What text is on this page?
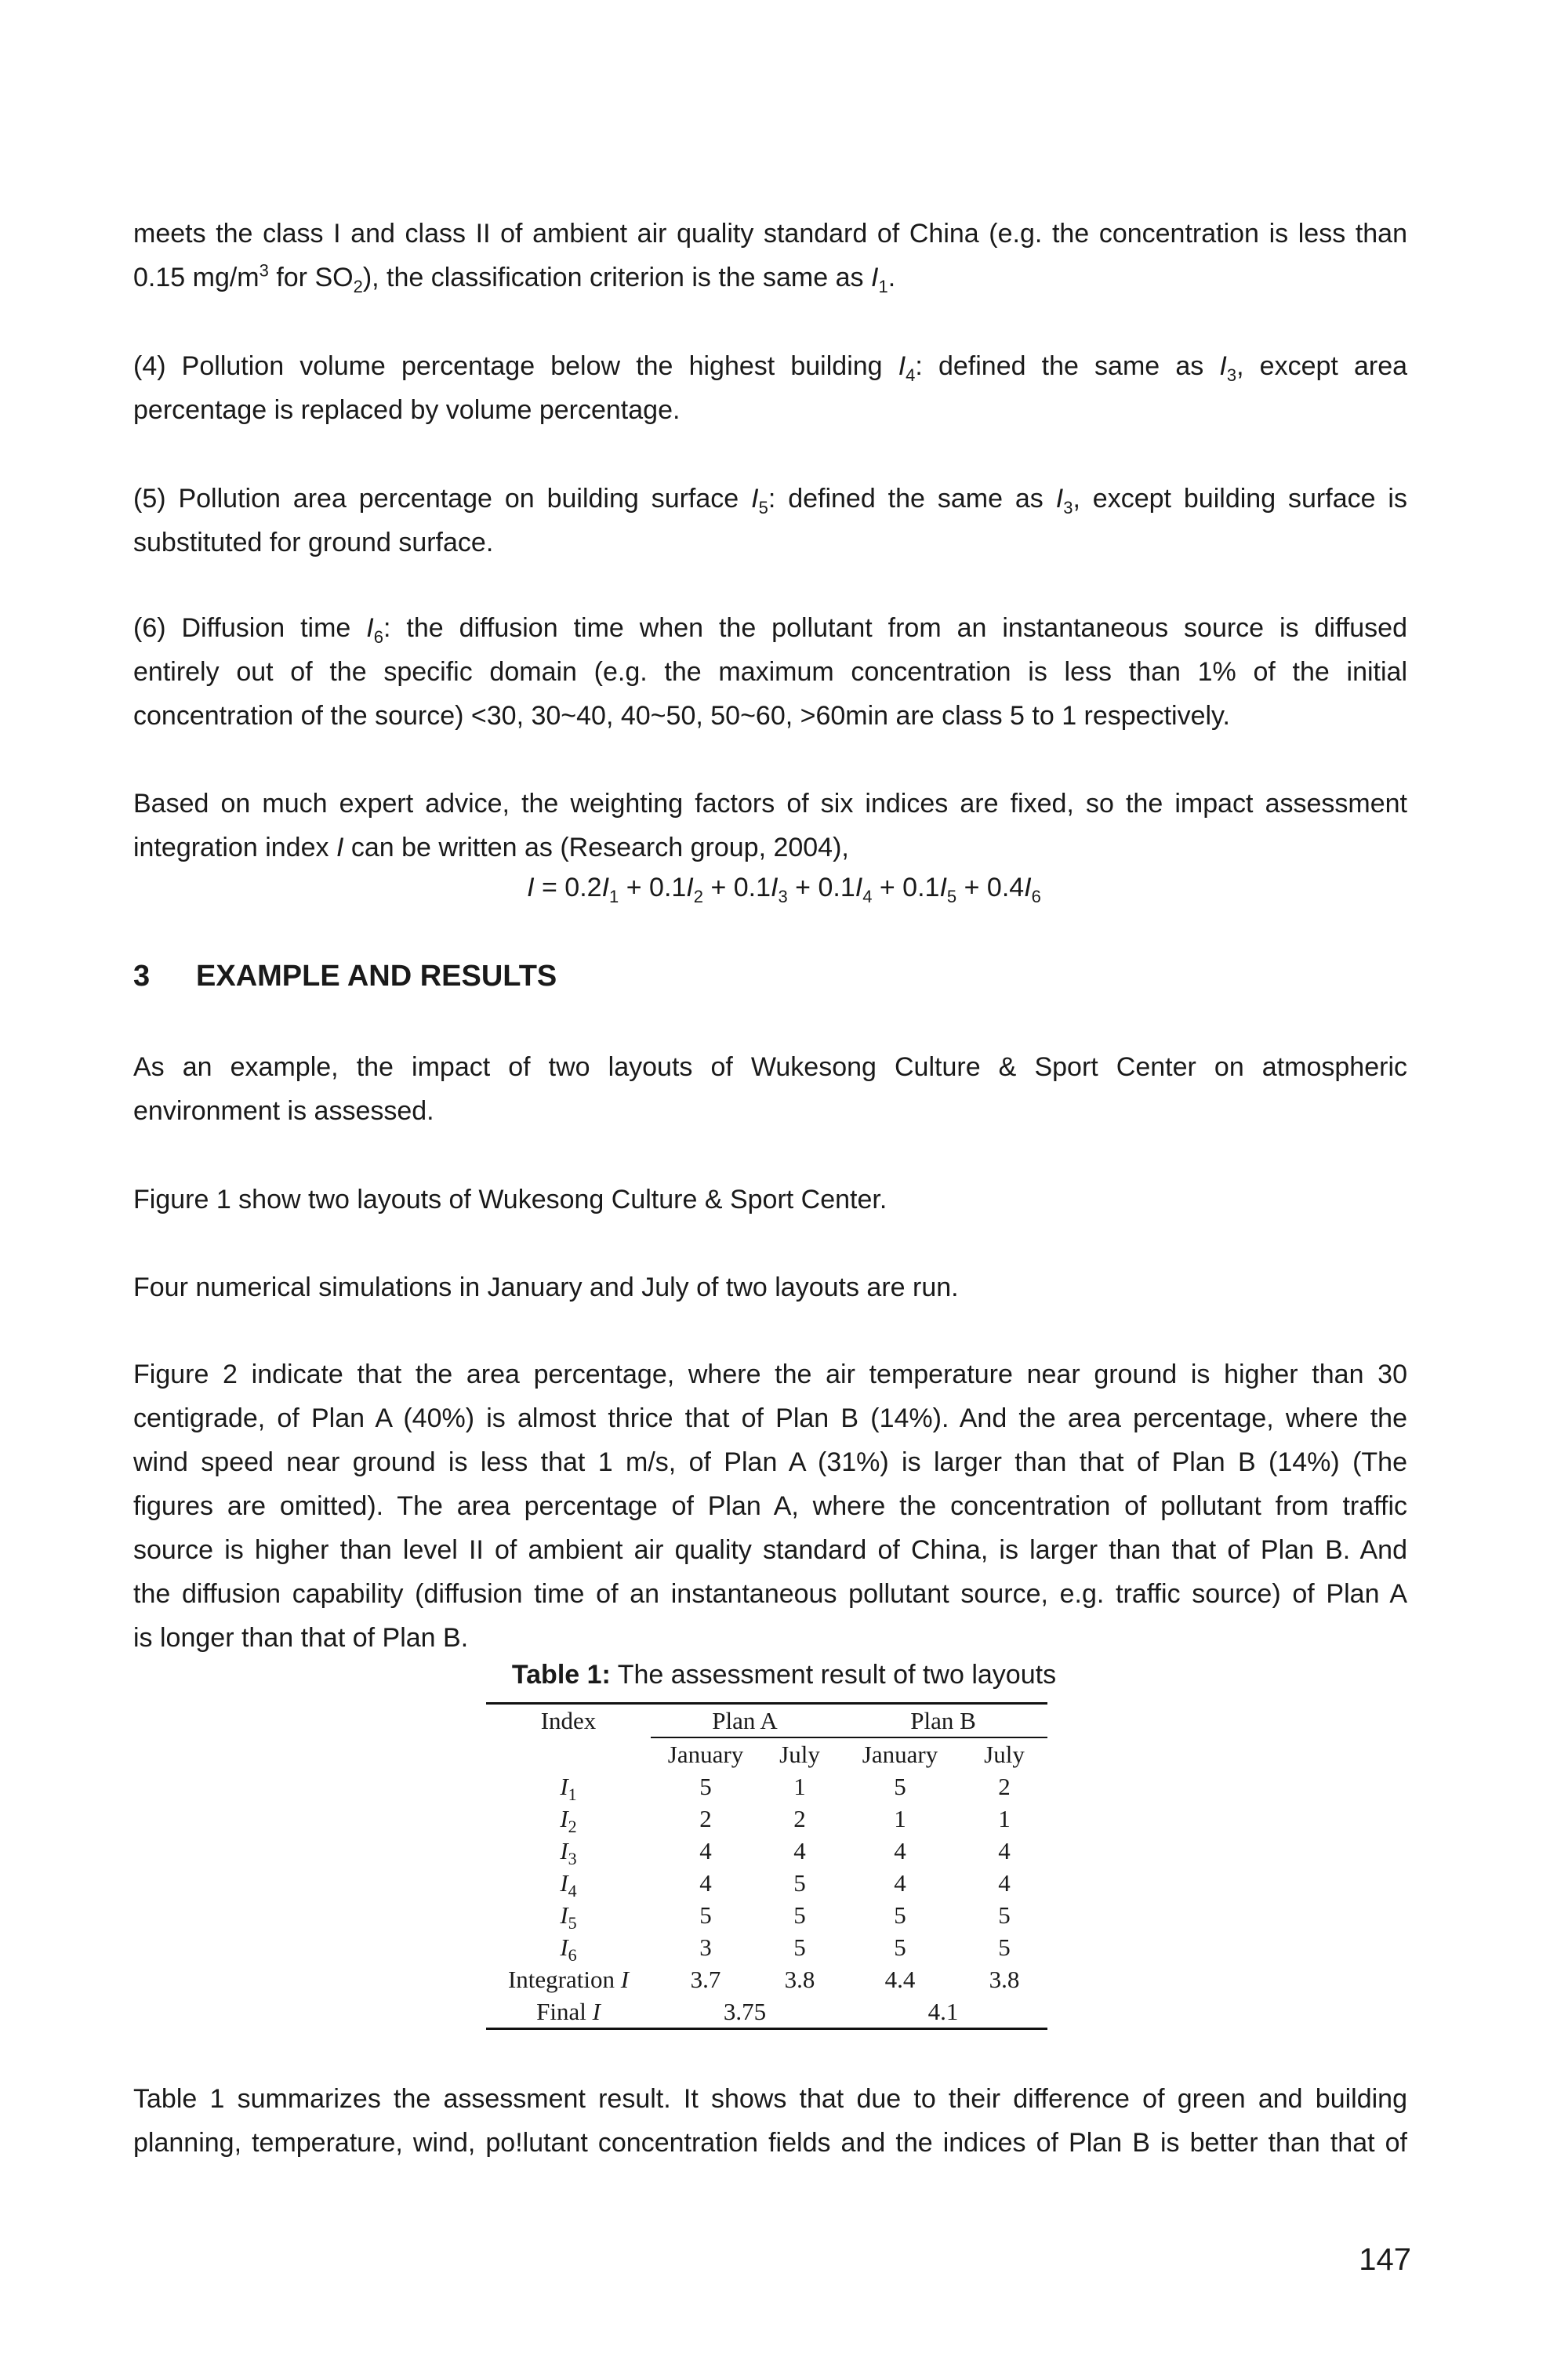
meets the class I and class II of ambient air quality standard of China (e.g. the concentration is less than
0.15 $mg/m^3$ for $SO_2$), the classification criterion is the same as $I_1$.
(4) Pollution volume percentage below the highest building $I_4$: defined the same as $I_3$, except area
percentage is replaced by volume percentage.
(5) Pollution area percentage on building surface $I_5$: defined the same as $I_3$, except building surface is
substituted for ground surface.
(6) Diffusion time $I_6$: the diffusion time when the pollutant from an instantaneous source is diffused
entirely out of the specific domain (e.g. the maximum concentration is less than 1% of the initial
concentration of the source) <30, 30~40, 40~50, 50~60, >60min are class 5 to 1 respectively.
Based on much expert advice, the weighting factors of six indices are fixed, so the impact assessment
integration index I can be written as (Research group, 2004),
$I = 0.2I_1 + 0.1I_2 + 0.1I_3 + 0.1I_4 + 0.1I_5 + 0.4I_6$
3 EXAMPLE AND RESULTS
As an example, the impact of two layouts of Wukesong Culture & Sport Center on atmospheric
environment is assessed.
Figure 1 show two layouts of Wukesong Culture & Sport Center.
Four numerical simulations in January and July of two layouts are run.
Figure 2 indicate that the area percentage, where the air temperature near ground is higher than 30
centigrade, of Plan A (40%) is almost thrice that of Plan B (14%). And the area percentage, where the
wind speed near ground is less that 1 m/s, of Plan A (31%) is larger than that of Plan B (14%) (The
figures are omitted). The area percentage of Plan A, where the concentration of pollutant from traffic
source is higher than level II of ambient air quality standard of China, is larger than that of Plan B. And
the diffusion capability (diffusion time of an instantaneous pollutant source, e.g. traffic source) of Plan A
is longer than that of Plan B.
Table 1: The assessment result of two layouts
Index	Plan A		Plan B	
	January	July	January	July
$I_1$	5	1	5	2
$I_2$	2	2	1	1
$I_3$	4	4	4	4
$I_4$	4	5	4	4
$I_5$	5	5	5	5
$I_6$	3	5	5	5
Integration I	3.7	3.8	4.4	3.8
Final I	3.75		4.1	
Table 1 summarizes the assessment result. It shows that due to their difference of green and building
planning, temperature, wind, po!lutant concentration fields and the indices of Plan B is better than that of
147
